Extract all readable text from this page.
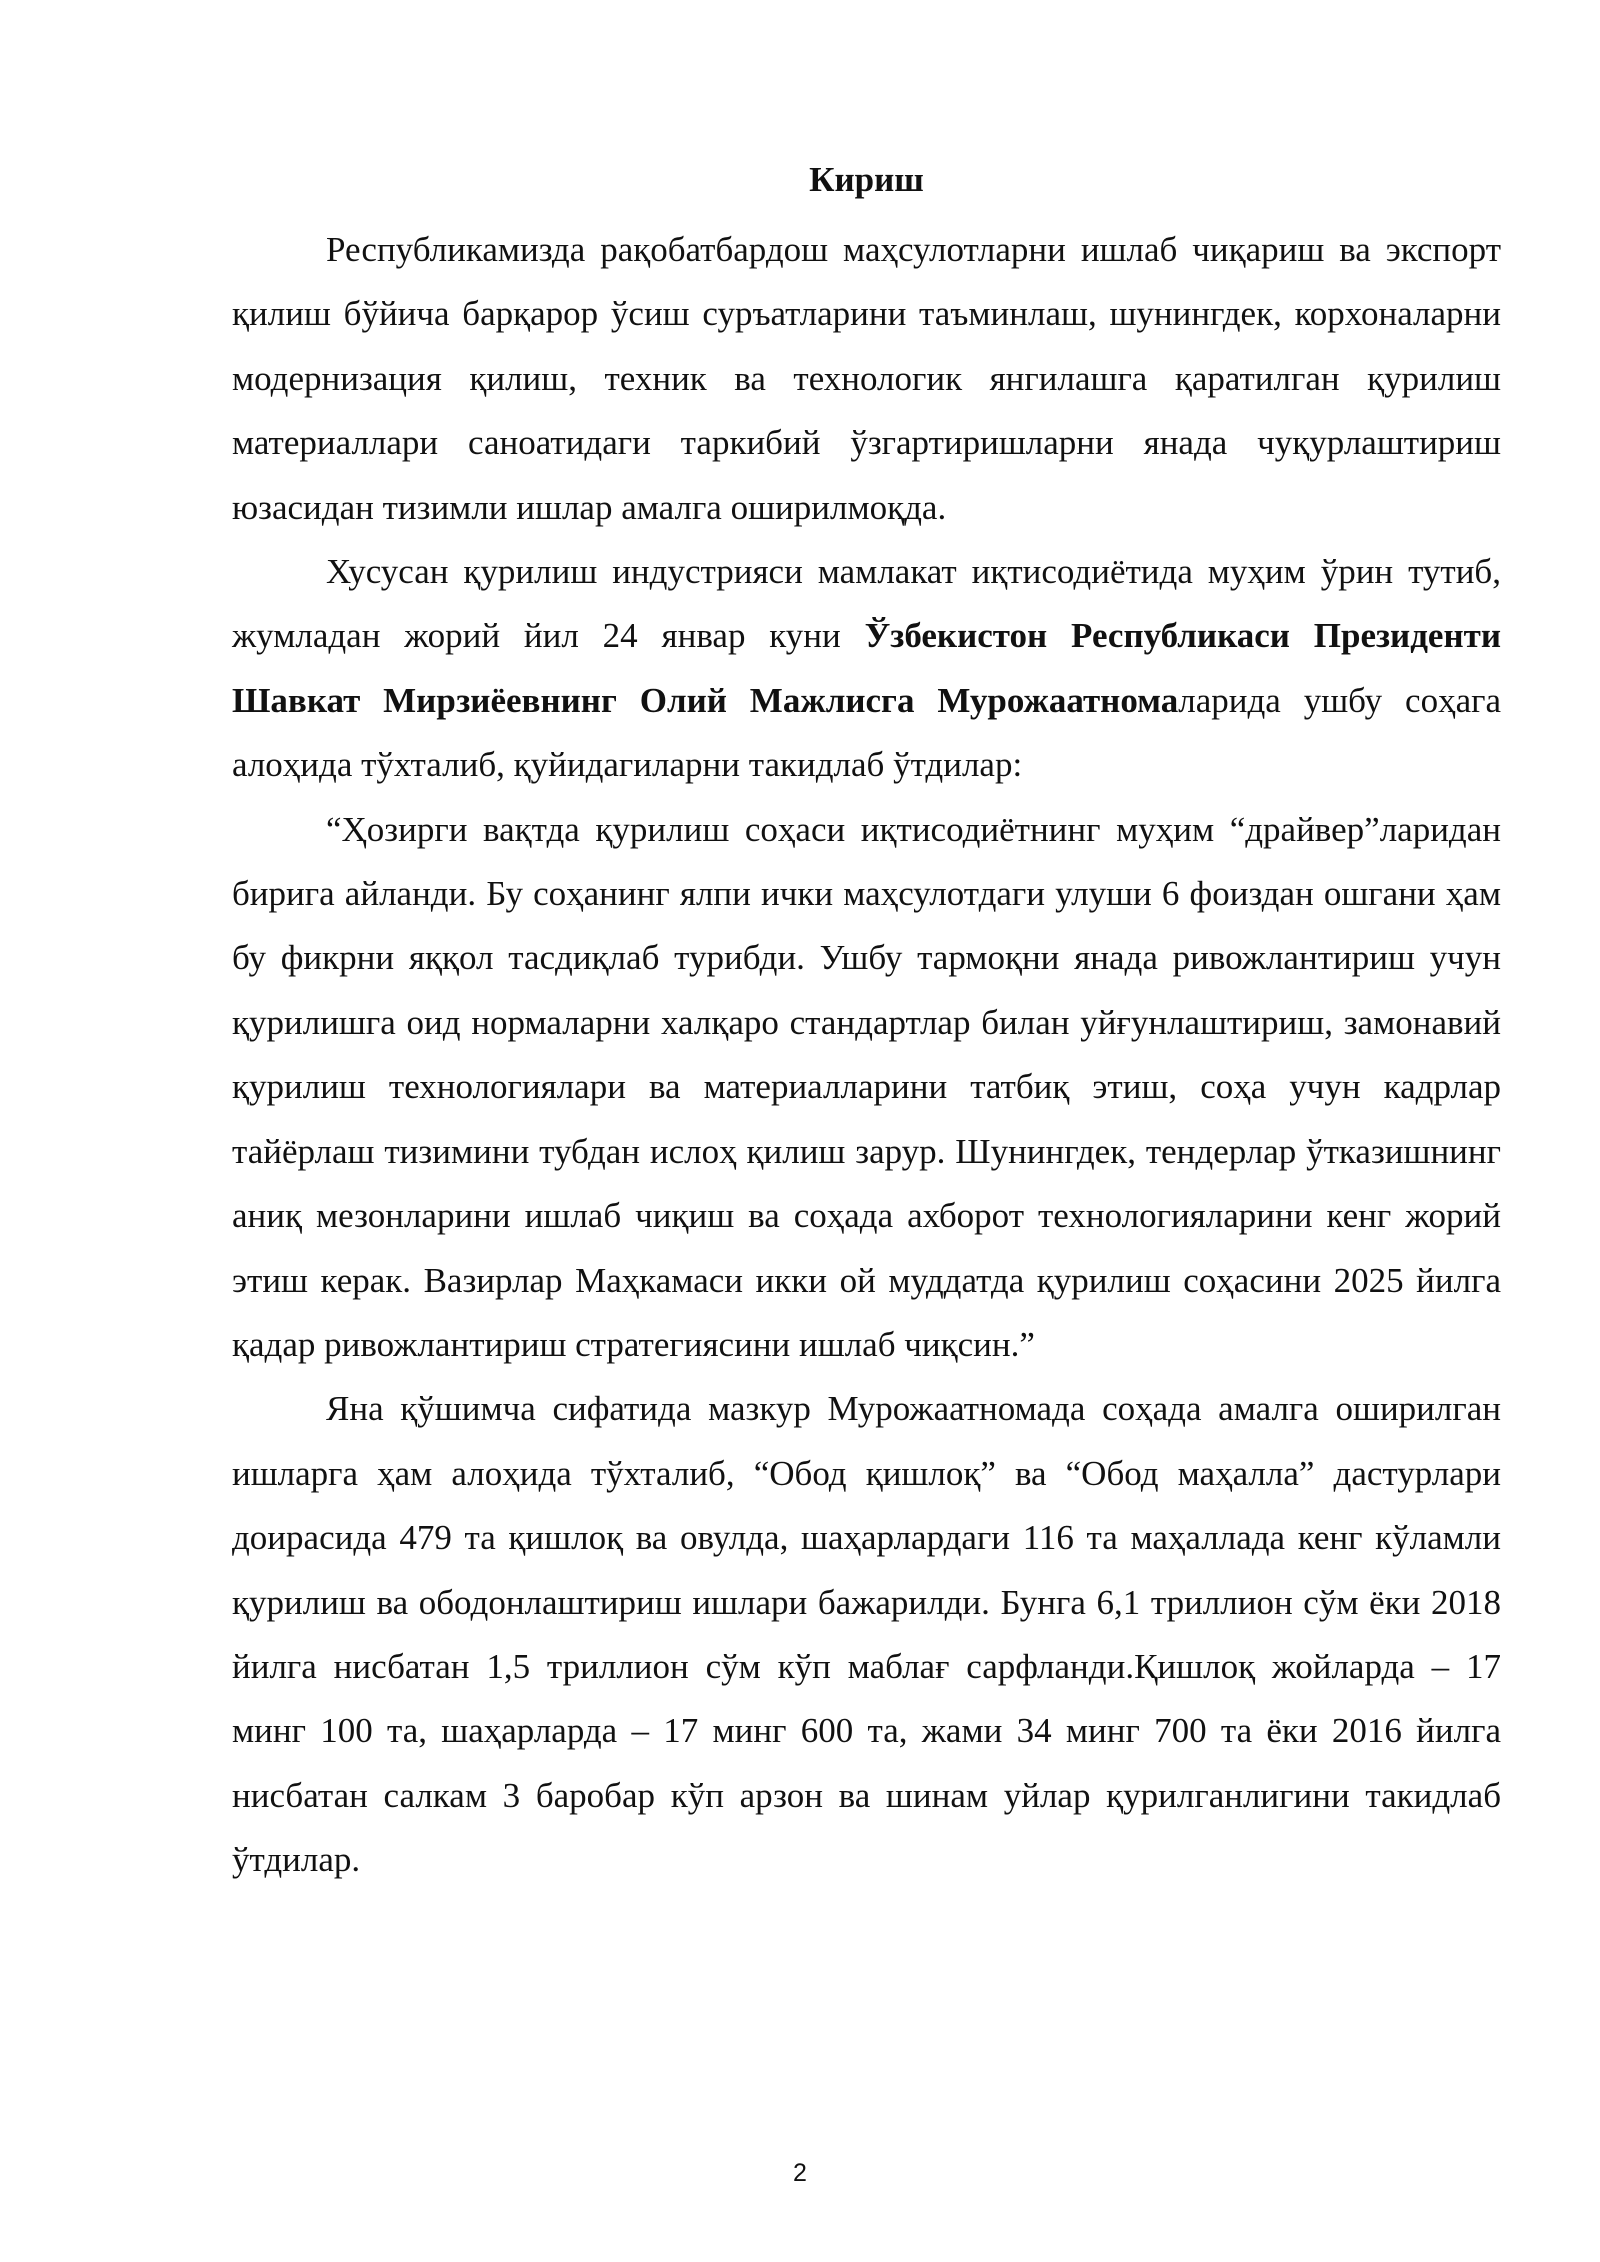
Кириш

Республикамизда рақобатбардош маҳсулотларни ишлаб чиқариш ва экспорт қилиш бўйича барқарор ўсиш суръатларини таъминлаш, шунингдек, корхоналарни модернизация қилиш, техник ва технологик янгилашга қаратилган қурилиш материаллари саноатидаги таркибий ўзгартиришларни янада чуқурлаштириш юзасидан тизимли ишлар амалга оширилмоқда.

Хусусан қурилиш индустрияси мамлакат иқтисодиётида муҳим ўрин тутиб, жумладан жорий йил 24 январ куни Ўзбекистон Республикаси Президенти Шавкат Мирзиёевнинг Олий Мажлисга Мурожаатномаларида ушбу соҳага алоҳида тўхталиб, қуйидагиларни такидлаб ўтдилар:

“Ҳозирги вақтда қурилиш соҳаси иқтисодиётнинг муҳим “драйвер”ларидан бирига айланди. Бу соҳанинг ялпи ички маҳсулотдаги улуши 6 фоиздан ошгани ҳам бу фикрни яққол тасдиқлаб турибди. Ушбу тармоқни янада ривожлантириш учун қурилишга оид нормаларни халқаро стандартлар билан уйғунлаштириш, замонавий қурилиш технологиялари ва материалларини татбиқ этиш, соҳа учун кадрлар тайёрлаш тизимини тубдан ислоҳ қилиш зарур. Шунингдек, тендерлар ўтказишнинг аниқ мезонларини ишлаб чиқиш ва соҳада ахборот технологияларини кенг жорий этиш керак. Вазирлар Маҳкамаси икки ой муддатда қурилиш соҳасини 2025 йилга қадар ривожлантириш стратегиясини ишлаб чиқсин.”

Яна қўшимча сифатида мазкур Мурожаатномада соҳада амалга оширилган ишларга ҳам алоҳида тўхталиб, “Обод қишлоқ” ва “Обод маҳалла” дастурлари доирасида 479 та қишлоқ ва овулда, шаҳарлардаги 116 та маҳаллада кенг кўламли қурилиш ва ободонлаштириш ишлари бажарилди. Бунга 6,1 триллион сўм ёки 2018 йилга нисбатан 1,5 триллион сўм кўп маблағ сарфланди.Қишлоқ жойларда – 17 минг 100 та, шаҳарларда – 17 минг 600 та, жами 34 минг 700 та ёки 2016 йилга нисбатан салкам 3 баробар кўп арзон ва шинам уйлар қурилганлигини такидлаб ўтдилар.

2
